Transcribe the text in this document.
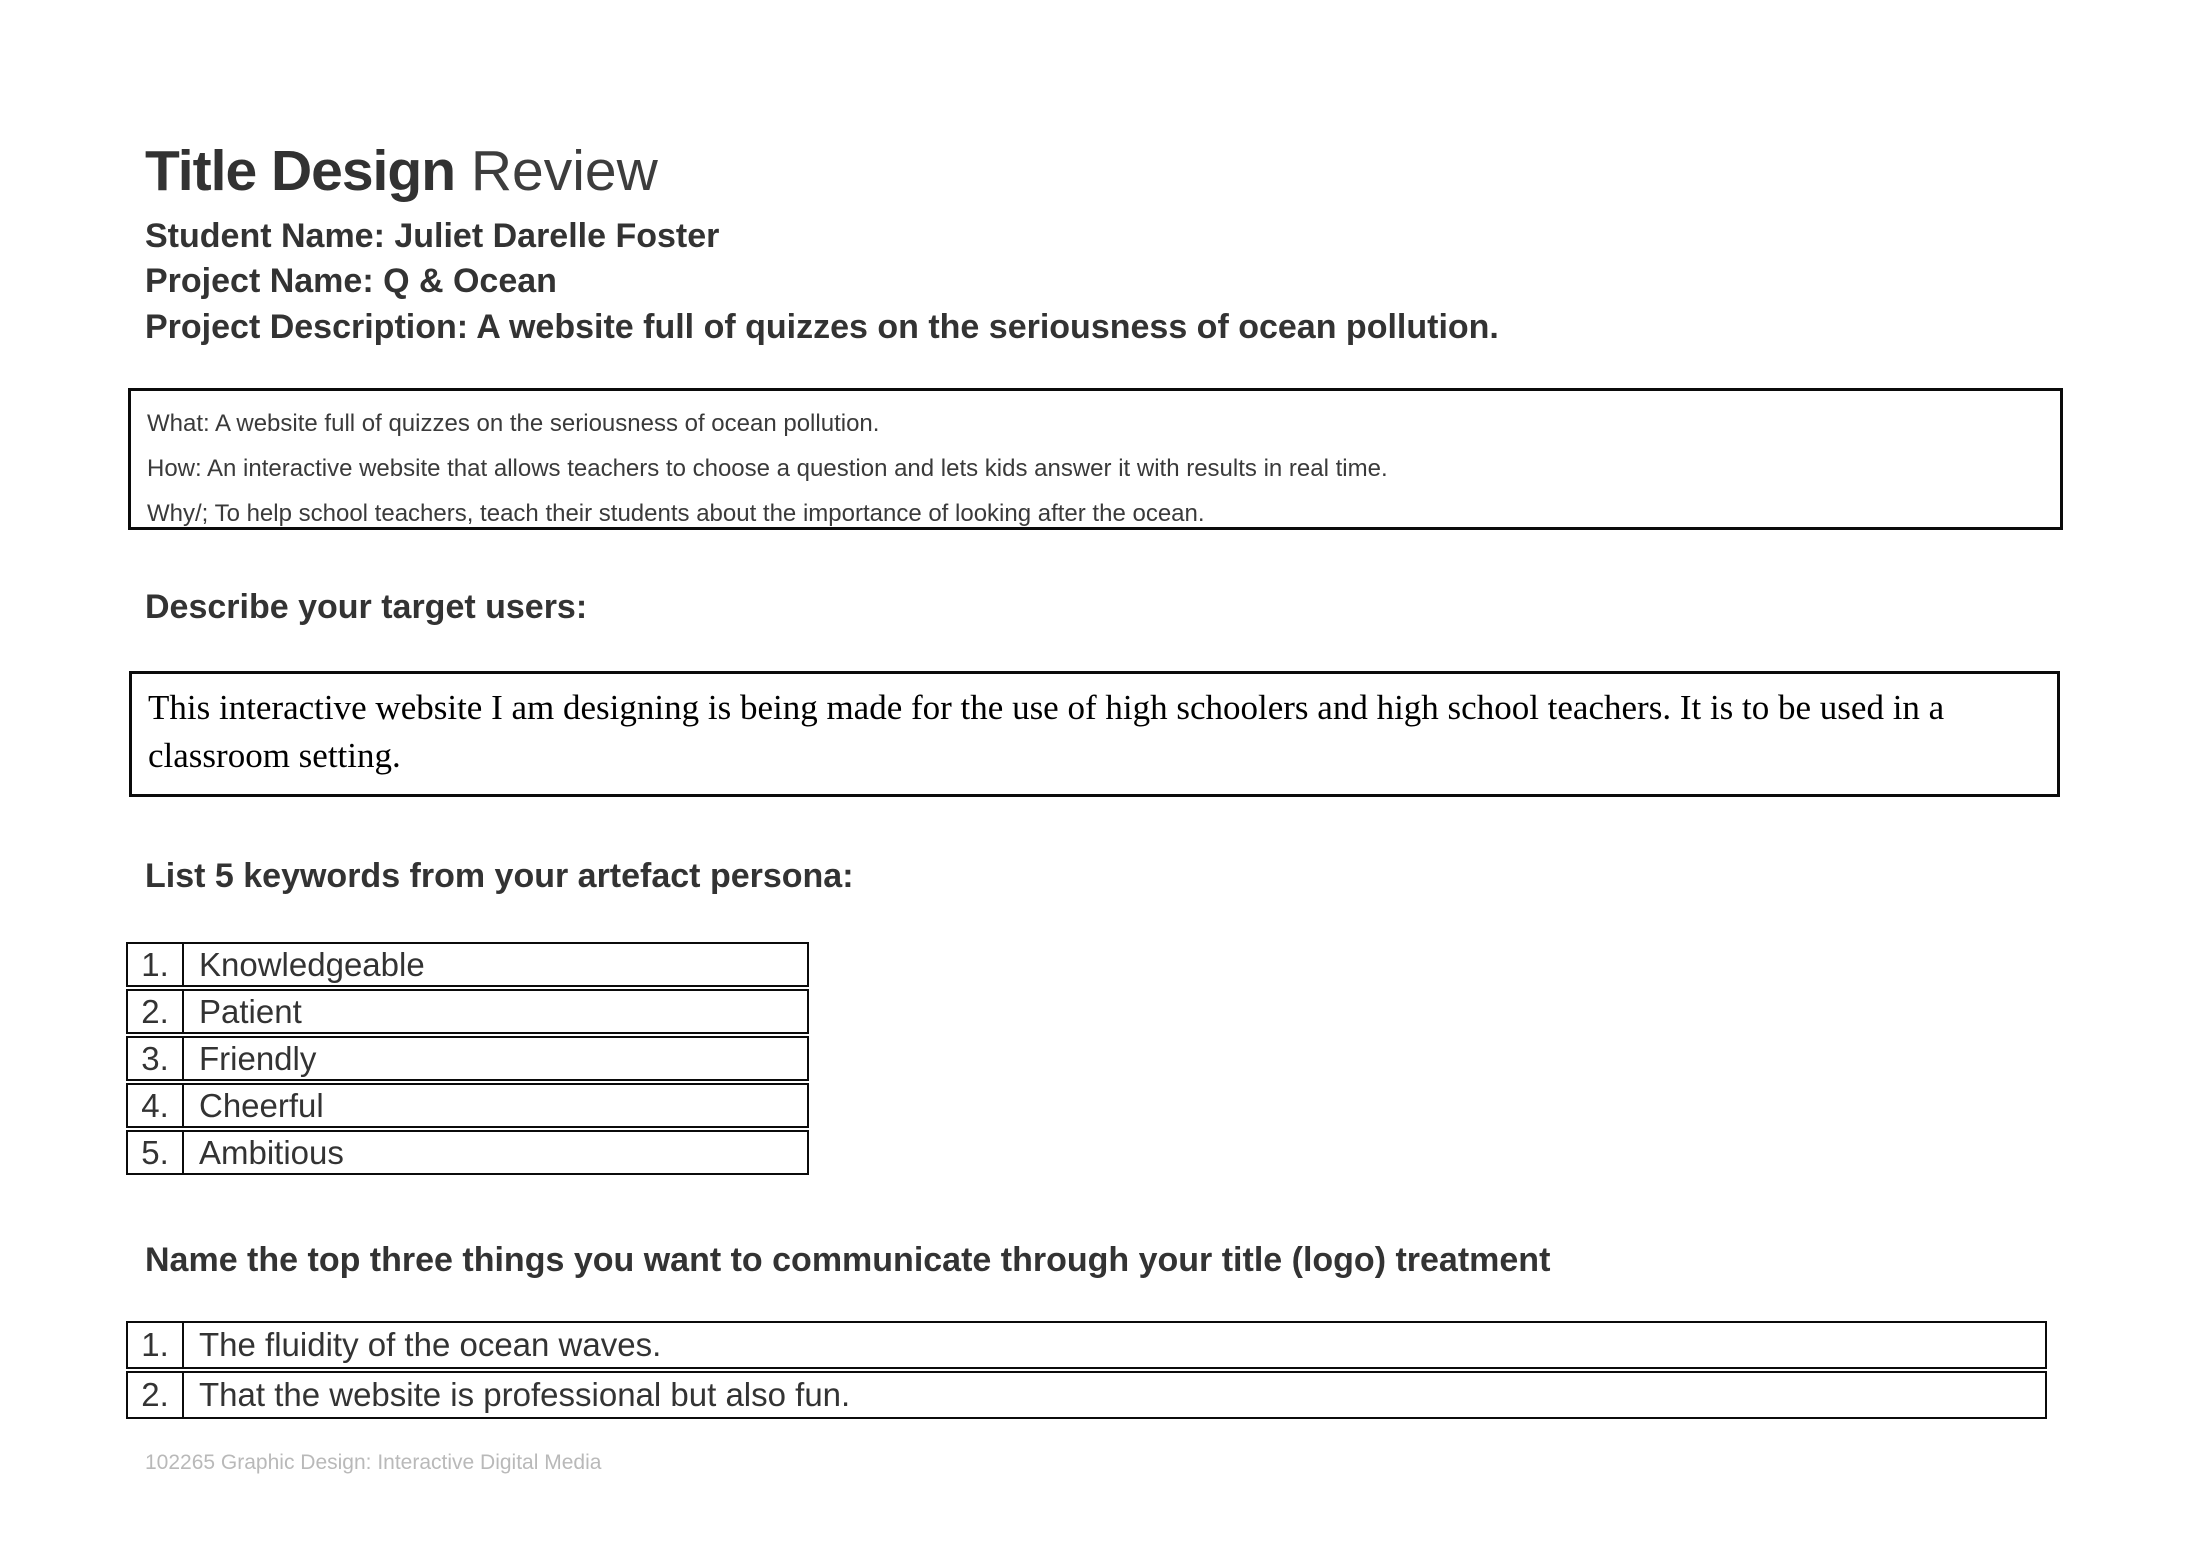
Title Design Review
Student Name: Juliet Darelle Foster
Project Name: Q & Ocean
Project Description: A website full of quizzes on the seriousness of ocean pollution.

What: A website full of quizzes on the seriousness of ocean pollution.

How: An interactive website that allows teachers to choose a question and lets kids answer it with results in real time.

Why/; To help school teachers, teach their students about the importance of looking after the ocean.

Describe your target users:

This interactive website I am designing is being made for the use of high schoolers and high school teachers. It is to be used in a classroom setting.

List 5 keywords from your artefact persona:
1. Knowledgeable
2. Patient
3. Friendly
4. Cheerful
5. Ambitious
Name the top three things you want to communicate through your title (logo) treatment
1. The fluidity of the ocean waves.
2. That the website is professional but also fun.
102265 Graphic Design: Interactive Digital Media
